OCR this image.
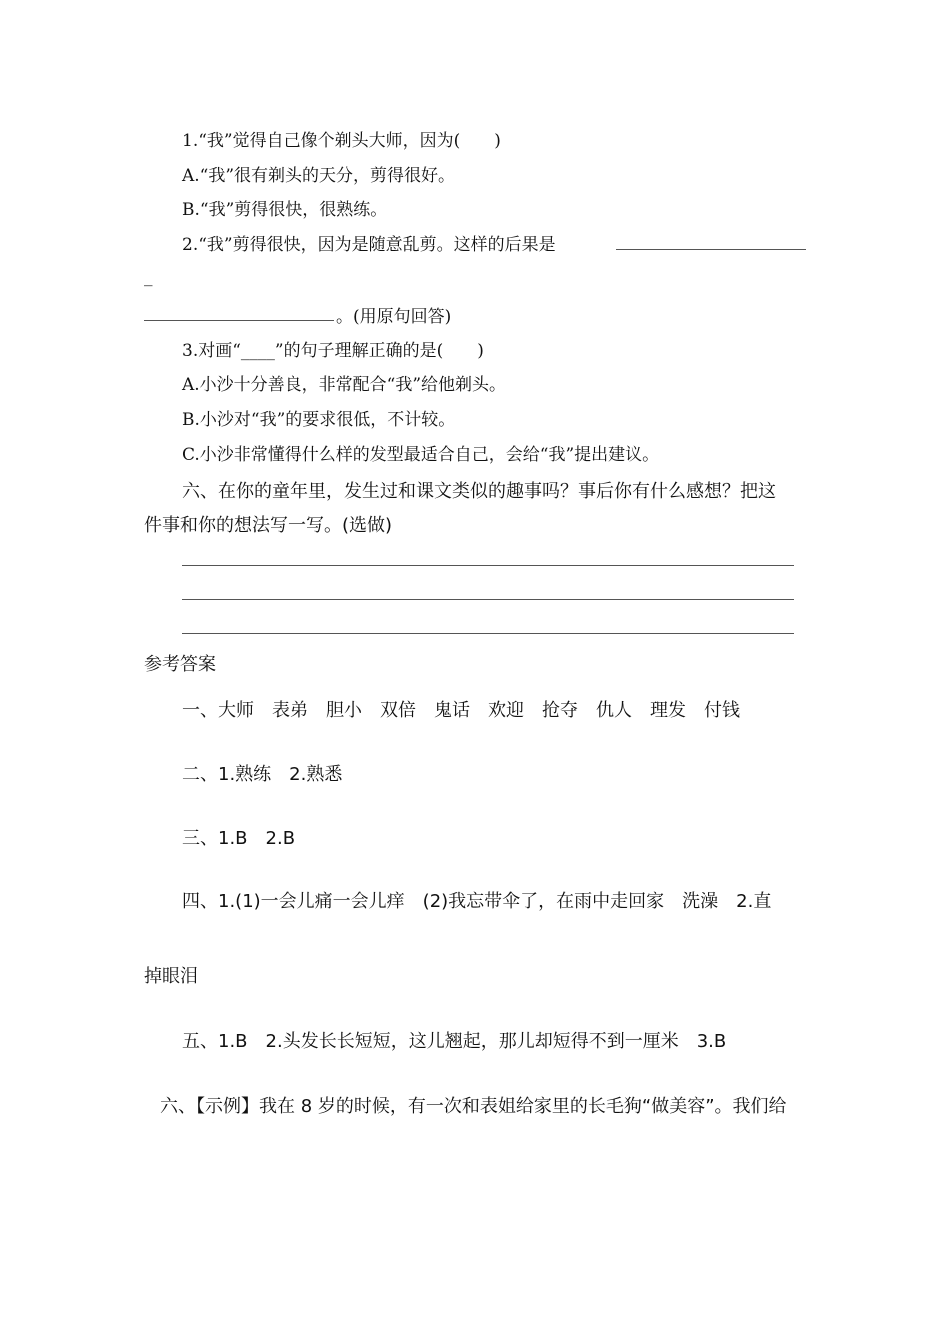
1.“我”觉得自己像个剃头大师，因为(　　)
A.“我”很有剃头的天分，剪得很好。
B.“我”剪得很快，很熟练。
2.“我”剪得很快，因为是随意乱剪。这样的后果是
_
。(用原句回答)
3.对画“____”的句子理解正确的是(　　)
A.小沙十分善良，非常配合“我”给他剃头。
B.小沙对“我”的要求很低，不计较。
C.小沙非常懂得什么样的发型最适合自己，会给“我”提出建议。
六、在你的童年里，发生过和课文类似的趣事吗？事后你有什么感想？把这
件事和你的想法写一写。(选做)
参考答案
一、大师 表弟 胆小 双倍 鬼话 欢迎 抢夺 仇人 理发 付钱
二、1.熟练　2.熟悉
三、1.B　2.B
四、1.(1)一会儿痛一会儿痒　(2)我忘带伞了，在雨中走回家　洗澡　2.直
掉眼泪
五、1.B　2.头发长长短短，这儿翘起，那儿却短得不到一厘米　3.B
六、【示例】我在 8 岁的时候，有一次和表姐给家里的长毛狗“做美容”。我们给
